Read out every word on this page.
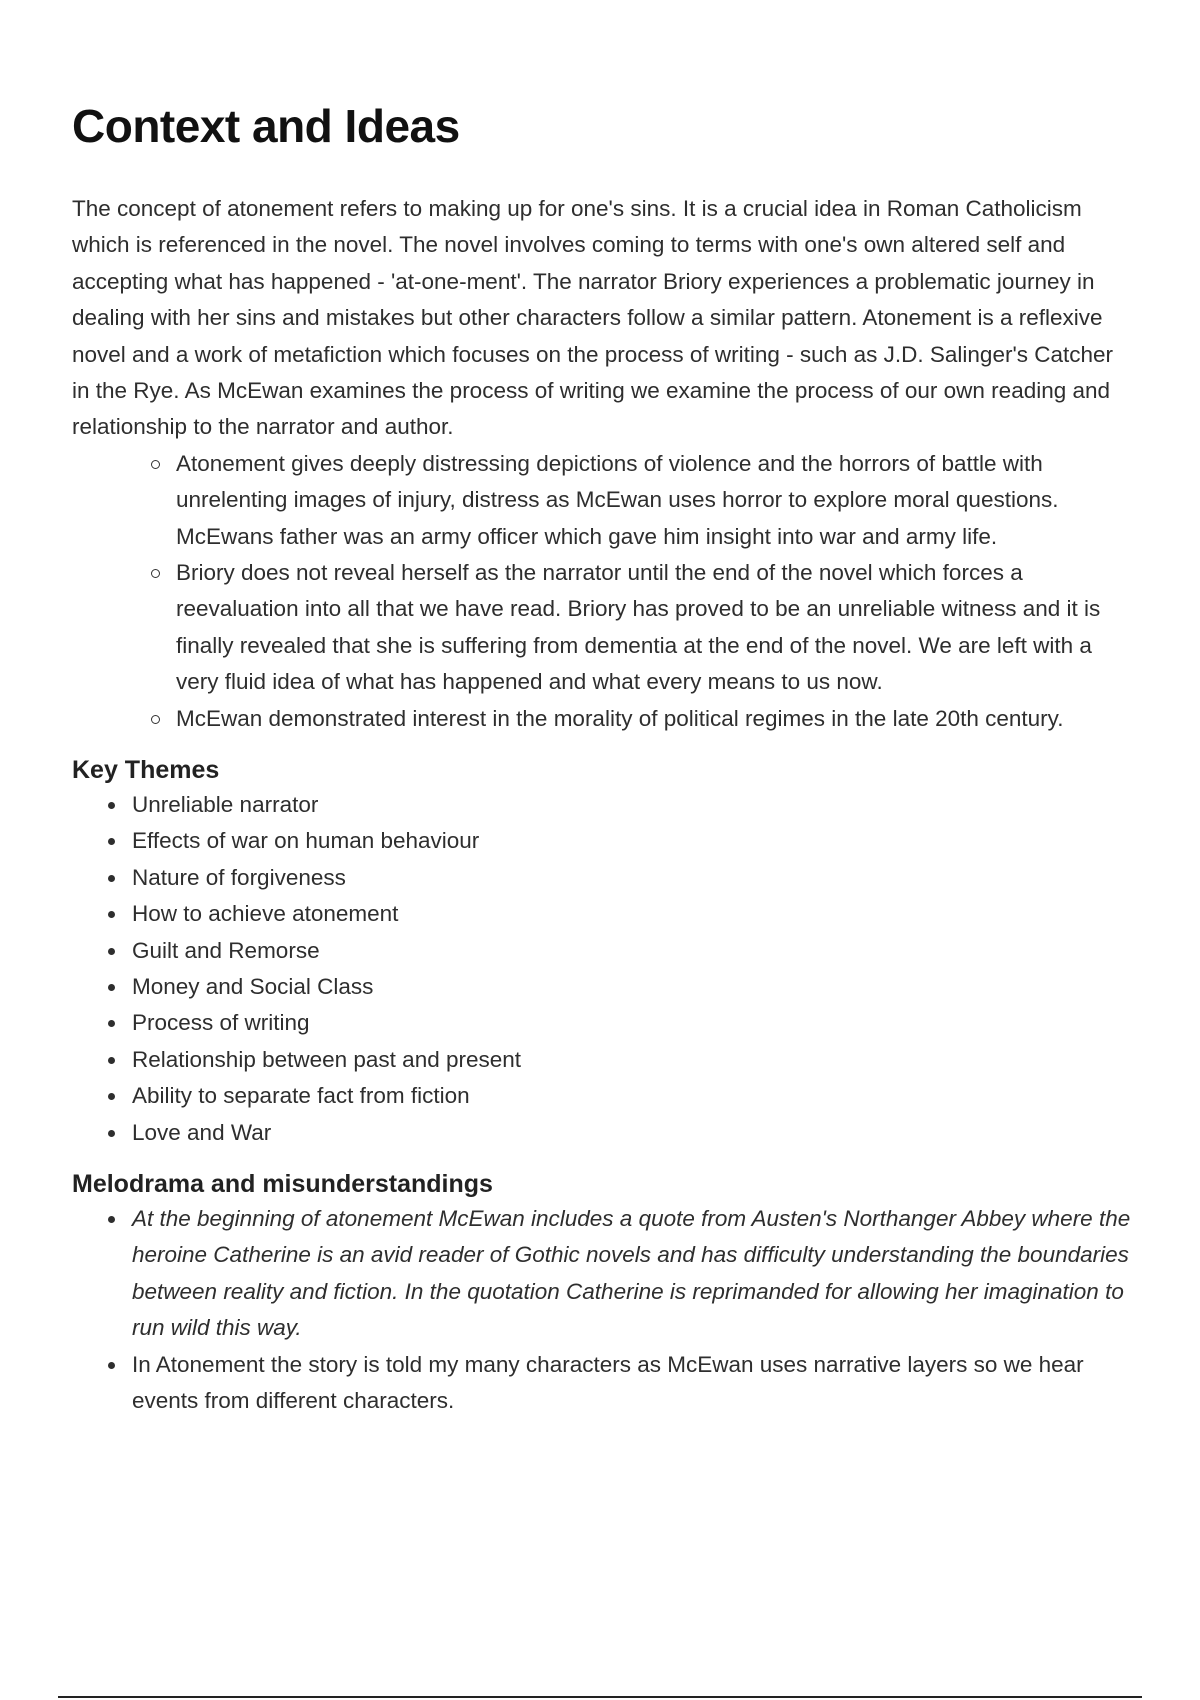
Context and Ideas

The concept of atonement refers to making up for one's sins. It is a crucial idea in Roman Catholicism which is referenced in the novel. The novel involves coming to terms with one's own altered self and accepting what has happened - 'at-one-ment'. The narrator Briory experiences a problematic journey in dealing with her sins and mistakes but other characters follow a similar pattern. Atonement is a reflexive novel and a work of metafiction which focuses on the process of writing - such as J.D. Salinger's Catcher in the Rye. As McEwan examines the process of writing we examine the process of our own reading and relationship to the narrator and author.

Atonement gives deeply distressing depictions of violence and the horrors of battle with unrelenting images of injury, distress as McEwan uses horror to explore moral questions. McEwans father was an army officer which gave him insight into war and army life.
Briory does not reveal herself as the narrator until the end of the novel which forces a reevaluation into all that we have read. Briory has proved to be an unreliable witness and it is finally revealed that she is suffering from dementia at the end of the novel. We are left with a very fluid idea of what has happened and what every means to us now.
McEwan demonstrated interest in the morality of political regimes in the late 20th century.
Key Themes
Unreliable narrator
Effects of war on human behaviour
Nature of forgiveness
How to achieve atonement
Guilt and Remorse
Money and Social Class
Process of writing
Relationship between past and present
Ability to separate fact from fiction
Love and War
Melodrama and misunderstandings
At the beginning of atonement McEwan includes a quote from Austen's Northanger Abbey where the heroine Catherine is an avid reader of Gothic novels and has difficulty understanding the boundaries between reality and fiction. In the quotation Catherine is reprimanded for allowing her imagination to run wild this way.
In Atonement the story is told my many characters as McEwan uses narrative layers so we hear events from different characters.
